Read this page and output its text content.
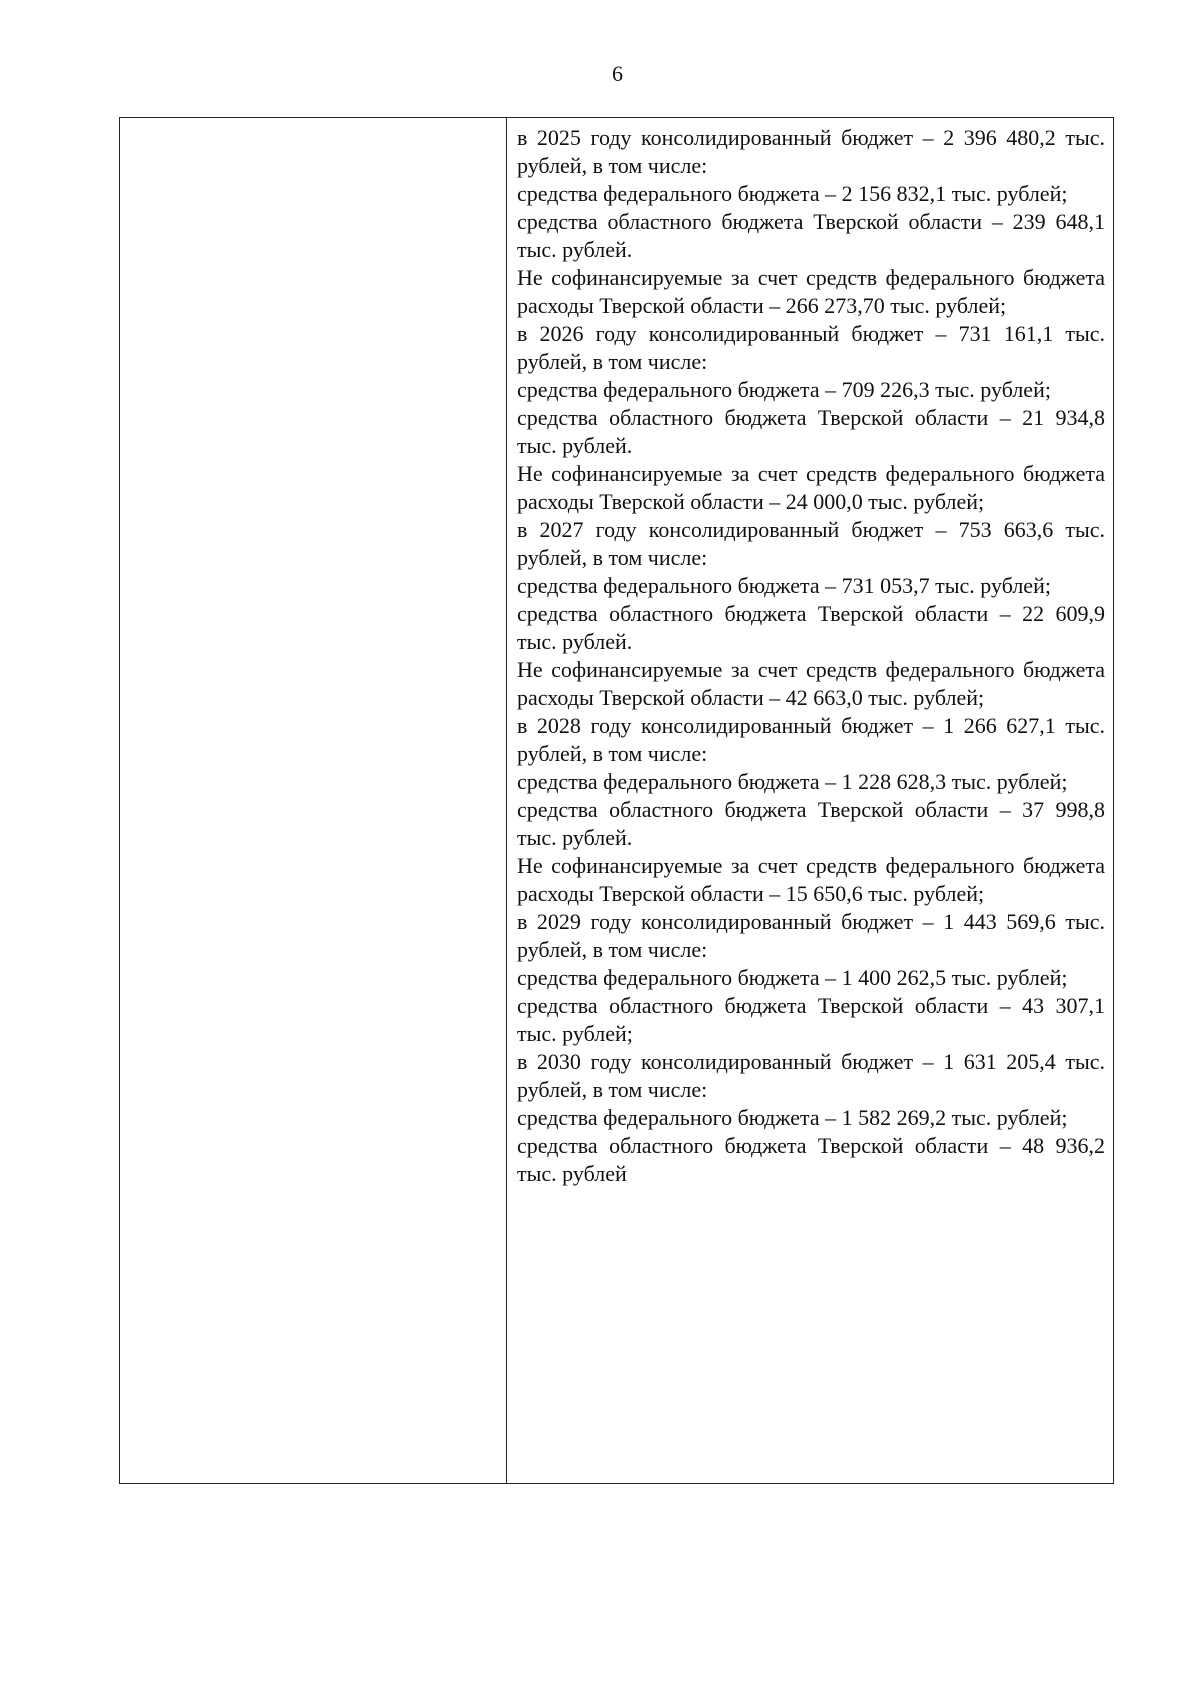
6

в 2025 году консолидированный бюджет – 2 396 480,2 тыс. рублей, в том числе:

средства федерального бюджета – 2 156 832,1 тыс. рублей;

средства областного бюджета Тверской области – 239 648,1 тыс. рублей.

Не софинансируемые за счет средств федерального бюджета расходы Тверской области – 266 273,70 тыс. рублей;

в 2026 году консолидированный бюджет – 731 161,1 тыс. рублей, в том числе:

средства федерального бюджета – 709 226,3 тыс. рублей;

средства областного бюджета Тверской области – 21 934,8 тыс. рублей.

Не софинансируемые за счет средств федерального бюджета расходы Тверской области – 24 000,0 тыс. рублей;

в 2027 году консолидированный бюджет – 753 663,6 тыс. рублей, в том числе:

средства федерального бюджета – 731 053,7 тыс. рублей;

средства областного бюджета Тверской области – 22 609,9 тыс. рублей.

Не софинансируемые за счет средств федерального бюджета расходы Тверской области – 42 663,0 тыс. рублей;

в 2028 году консолидированный бюджет – 1 266 627,1 тыс. рублей, в том числе:

средства федерального бюджета – 1 228 628,3 тыс. рублей;

средства областного бюджета Тверской области – 37 998,8 тыс. рублей.

Не софинансируемые за счет средств федерального бюджета расходы Тверской области – 15 650,6 тыс. рублей;

в 2029 году консолидированный бюджет – 1 443 569,6 тыс. рублей, в том числе:

средства федерального бюджета – 1 400 262,5 тыс. рублей;

средства областного бюджета Тверской области – 43 307,1 тыс. рублей;

в 2030 году консолидированный бюджет – 1 631 205,4 тыс. рублей, в том числе:

средства федерального бюджета – 1 582 269,2 тыс. рублей;

средства областного бюджета Тверской области – 48 936,2 тыс. рублей
